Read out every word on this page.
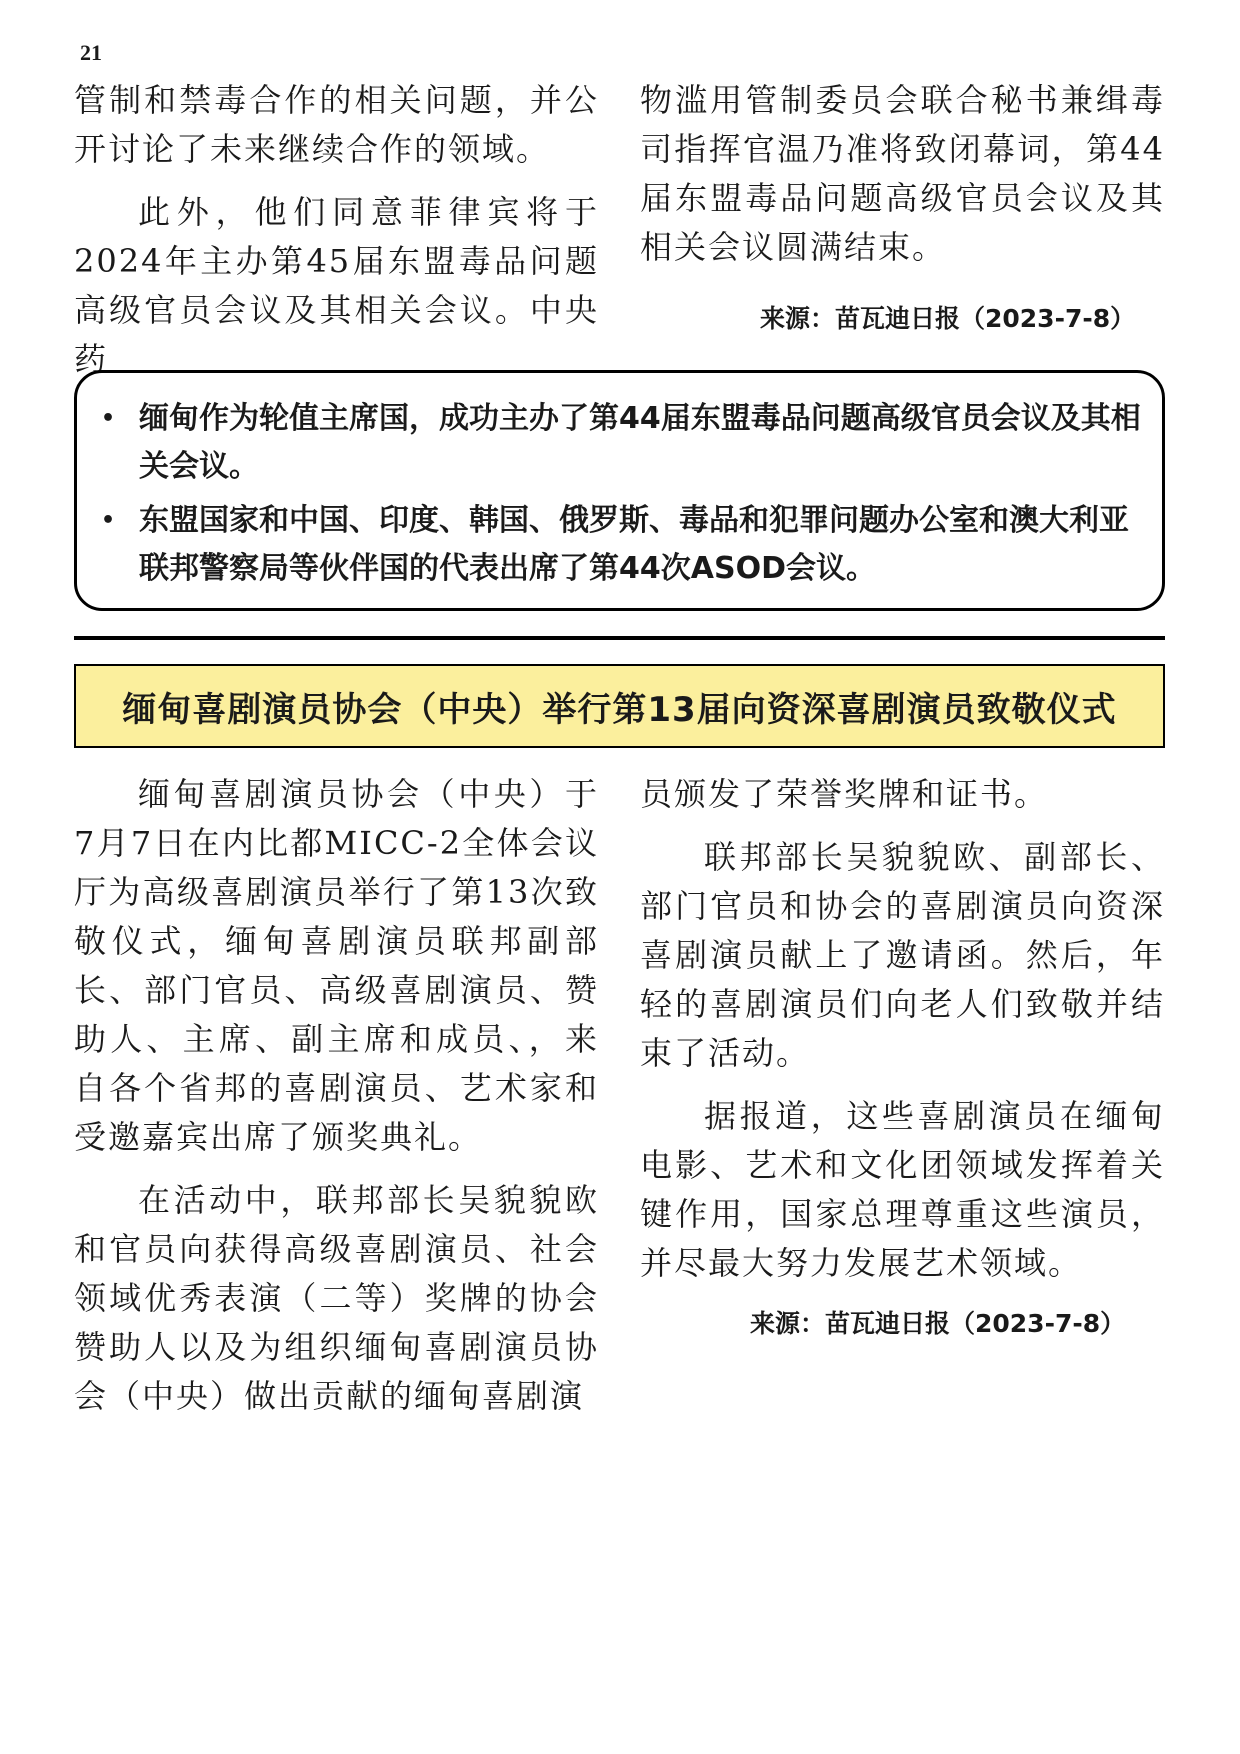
21

管制和禁毒合作的相关问题，并公开讨论了未来继续合作的领域。

此外，他们同意菲律宾将于2024年主办第45届东盟毒品问题高级官员会议及其相关会议。中央药

物滥用管制委员会联合秘书兼缉毒司指挥官温乃准将致闭幕词，第44届东盟毒品问题高级官员会议及其相关会议圆满结束。

来源：苗瓦迪日报（2023-7-8）
• 缅甸作为轮值主席国，成功主办了第44届东盟毒品问题高级官员会议及其相关会议。
• 东盟国家和中国、印度、韩国、俄罗斯、毒品和犯罪问题办公室和澳大利亚联邦警察局等伙伴国的代表出席了第44次ASOD会议。
缅甸喜剧演员协会（中央）举行第13届向资深喜剧演员致敬仪式

缅甸喜剧演员协会（中央）于7月7日在内比都MICC-2全体会议厅为高级喜剧演员举行了第13次致敬仪式，缅甸喜剧演员联邦副部长、部门官员、高级喜剧演员、赞助人、主席、副主席和成员、，来自各个省邦的喜剧演员、艺术家和受邀嘉宾出席了颁奖典礼。

在活动中，联邦部长吴貌貌欧和官员向获得高级喜剧演员、社会领域优秀表演（二等）奖牌的协会赞助人以及为组织缅甸喜剧演员协会（中央）做出贡献的缅甸喜剧演

员颁发了荣誉奖牌和证书。

联邦部长吴貌貌欧、副部长、部门官员和协会的喜剧演员向资深喜剧演员献上了邀请函。然后，年轻的喜剧演员们向老人们致敬并结束了活动。

据报道，这些喜剧演员在缅甸电影、艺术和文化团领域发挥着关键作用，国家总理尊重这些演员，并尽最大努力发展艺术领域。

来源：苗瓦迪日报（2023-7-8）
